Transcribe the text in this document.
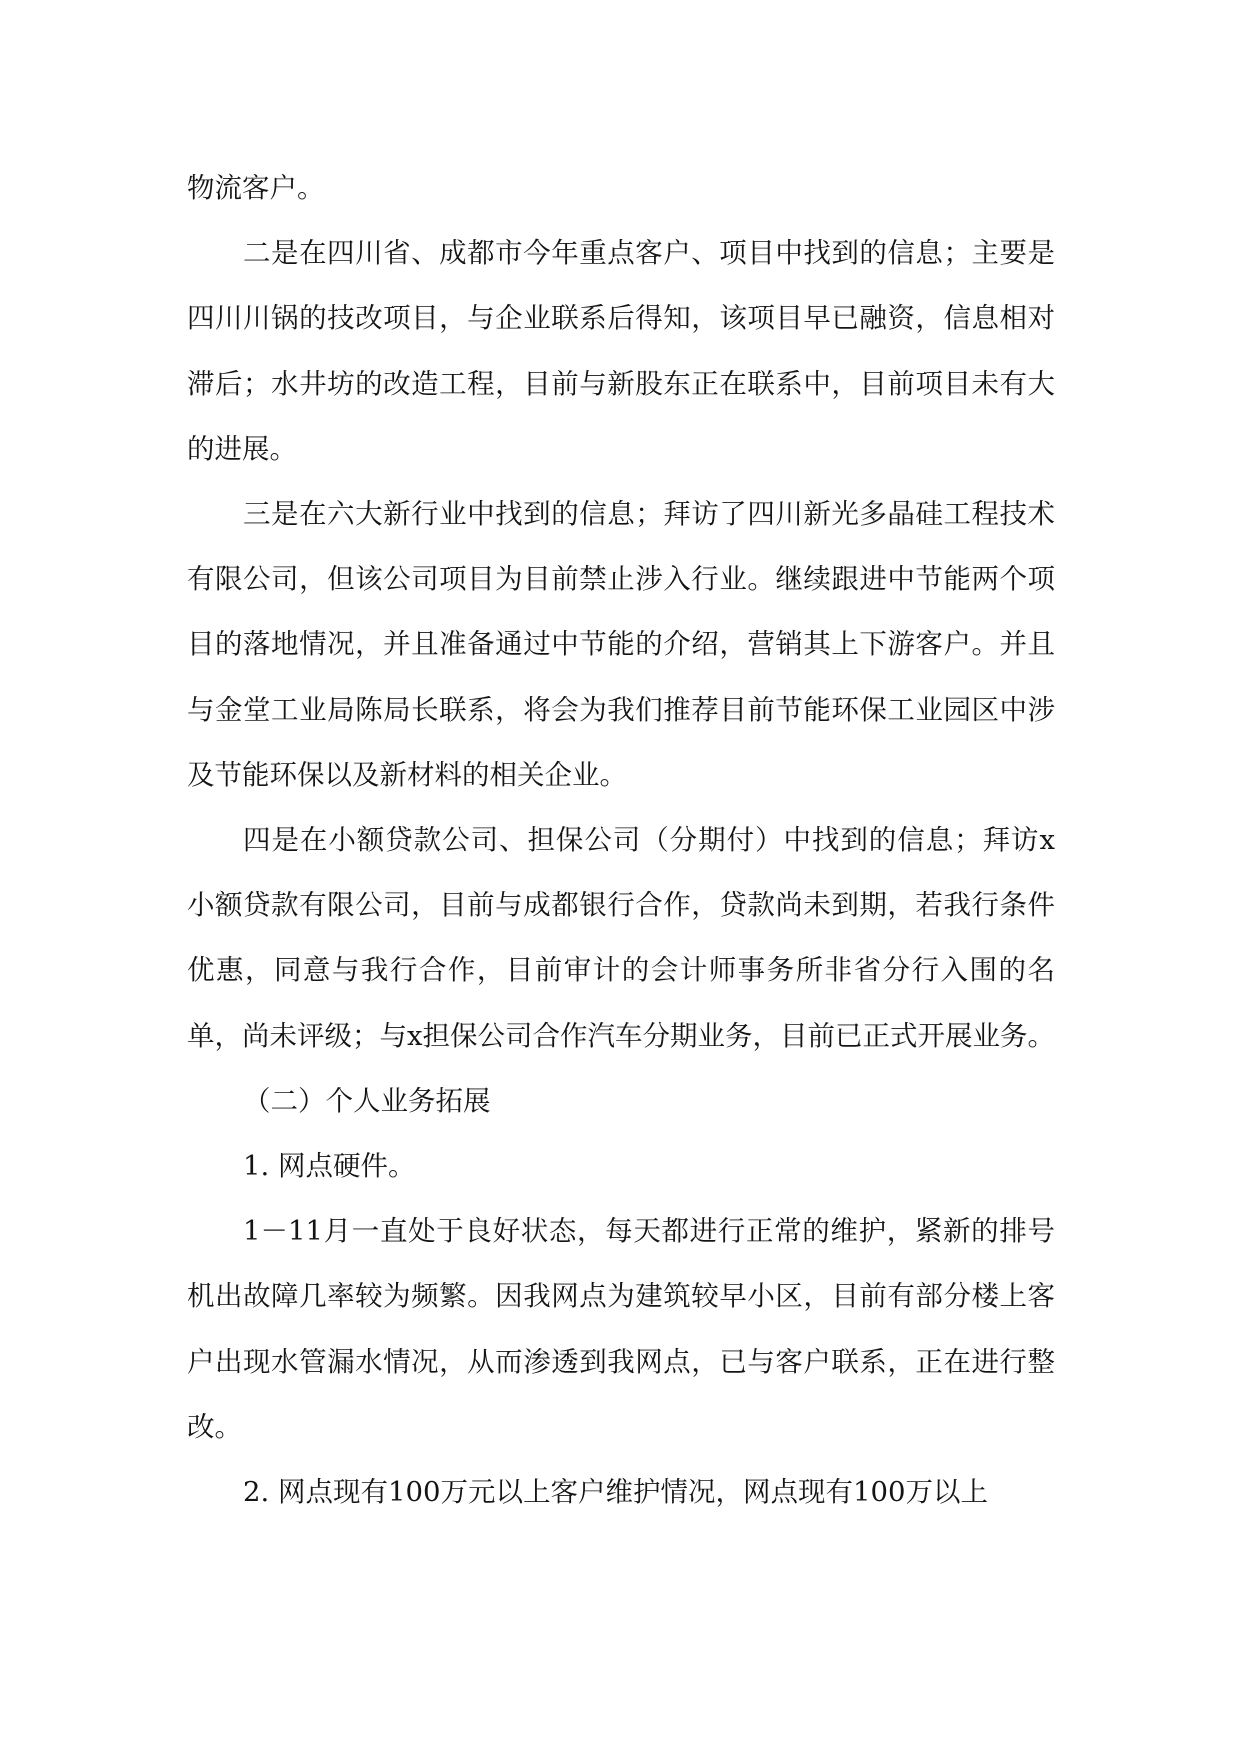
物流客户。

二是在四川省、成都市今年重点客户、项目中找到的信息；主要是四川川锅的技改项目，与企业联系后得知，该项目早已融资，信息相对滞后；水井坊的改造工程，目前与新股东正在联系中，目前项目未有大的进展。

三是在六大新行业中找到的信息；拜访了四川新光多晶硅工程技术有限公司，但该公司项目为目前禁止涉入行业。继续跟进中节能两个项目的落地情况，并且准备通过中节能的介绍，营销其上下游客户。并且与金堂工业局陈局长联系，将会为我们推荐目前节能环保工业园区中涉及节能环保以及新材料的相关企业。

四是在小额贷款公司、担保公司（分期付）中找到的信息；拜访x小额贷款有限公司，目前与成都银行合作，贷款尚未到期，若我行条件优惠，同意与我行合作，目前审计的会计师事务所非省分行入围的名单，尚未评级；与x担保公司合作汽车分期业务，目前已正式开展业务。

（二）个人业务拓展

1. 网点硬件。

1－11月一直处于良好状态，每天都进行正常的维护，紧新的排号机出故障几率较为频繁。因我网点为建筑较早小区，目前有部分楼上客户出现水管漏水情况，从而渗透到我网点，已与客户联系，正在进行整改。

2. 网点现有100万元以上客户维护情况，网点现有100万以上
